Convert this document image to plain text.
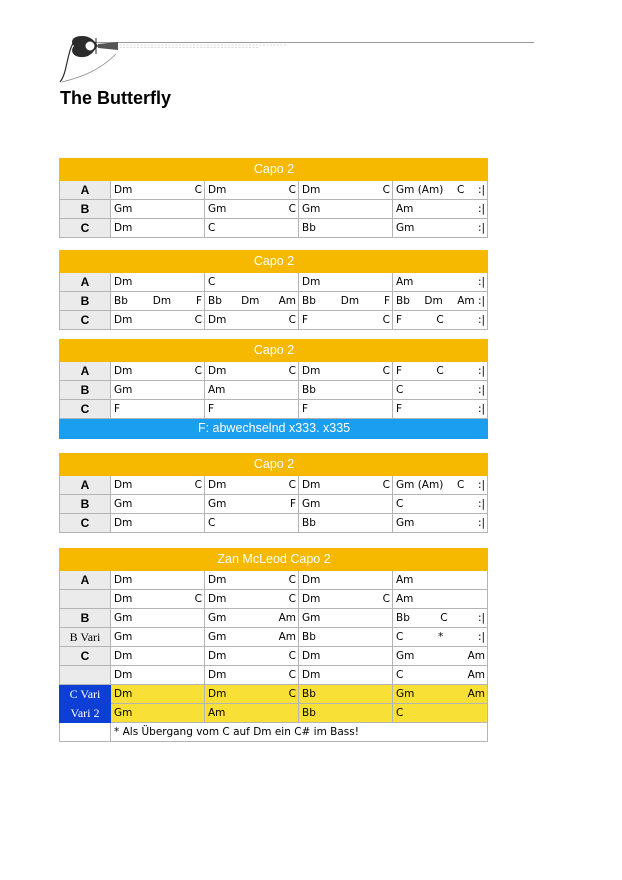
The Butterfly
Capo 2				
A	Dm C	Dm C	Dm C	Gm (Am) C :|

B	Gm	Gm C	Gm	Am :|

C	Dm	C	Bb	Gm :|
Capo 2				
A	Dm	C	Dm	Am :|

B	Bb Dm F	Bb Dm Am	Bb Dm F	Bb Dm Am :|

C	Dm C	Dm C	F C	F C :|
Capo 2				
A	Dm C	Dm C	Dm C	F C :|

B	Gm	Am	Bb	C :|

C	F	F	F	F :|

F: abwechselnd x333. x335				
Capo 2				
A	Dm C	Dm C	Dm C	Gm (Am) C :|

B	Gm	Gm F	Gm	C :|

C	Dm	C	Bb	Gm :|
Zan McLeod Capo 2				
A	Dm	Dm C	Dm	Am

	Dm C	Dm C	Dm C	Am

B	Gm	Gm Am	Gm	Bb C :|

B Vari	Gm	Gm Am	Bb	C * :|

C	Dm	Dm C	Dm	Gm Am

	Dm	Dm C	Dm	C Am

C Vari	Dm	Dm C	Bb	Gm Am

Vari 2	Gm	Am	Bb	C

	* Als Übergang vom C auf Dm ein C# im Bass!			
